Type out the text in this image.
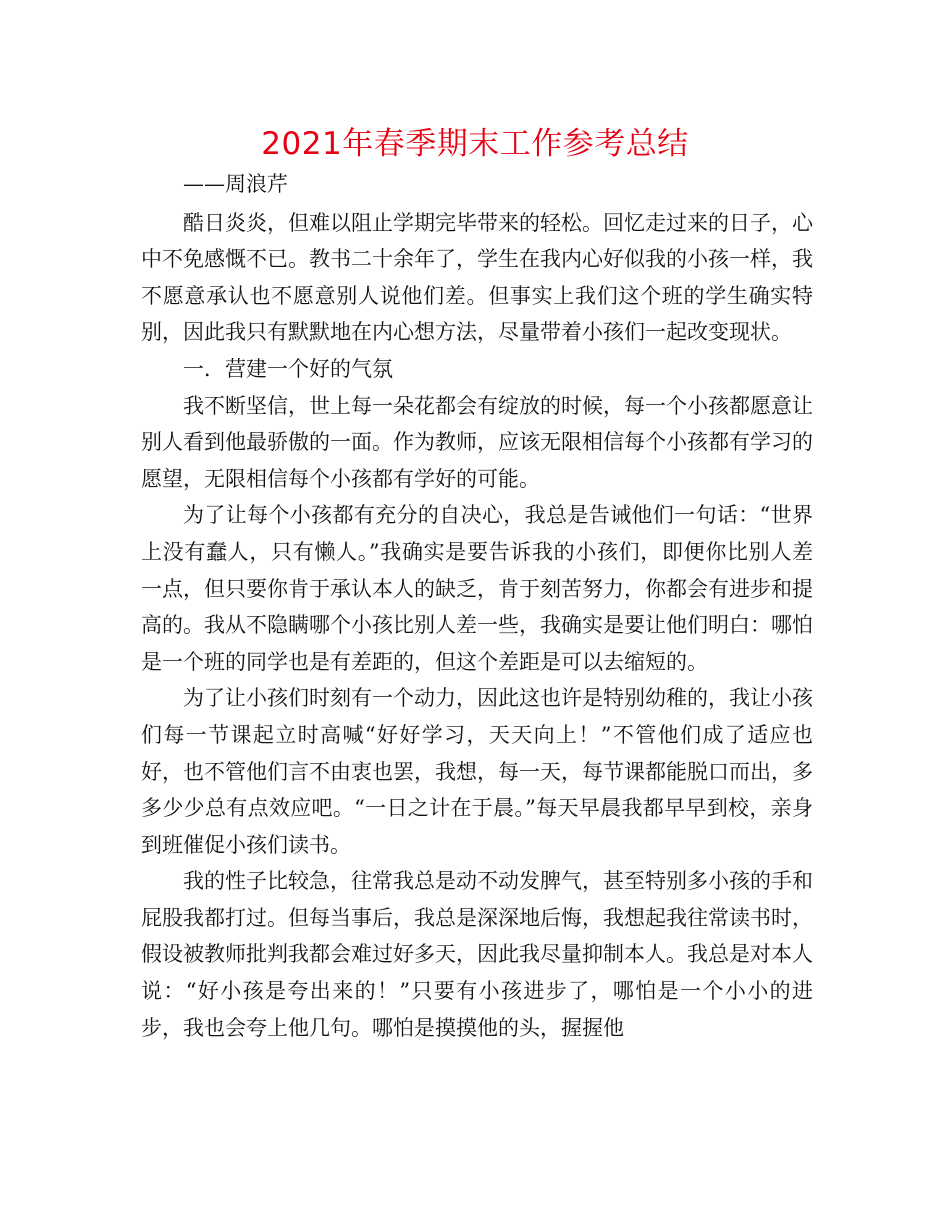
2021年春季期末工作参考总结

——周浪芹

酷日炎炎，但难以阻止学期完毕带来的轻松。回忆走过来的日子，心中不免感慨不已。教书二十余年了，学生在我内心好似我的小孩一样，我不愿意承认也不愿意别人说他们差。但事实上我们这个班的学生确实特别，因此我只有默默地在内心想方法，尽量带着小孩们一起改变现状。

一．营建一个好的气氛

我不断坚信，世上每一朵花都会有绽放的时候，每一个小孩都愿意让别人看到他最骄傲的一面。作为教师，应该无限相信每个小孩都有学习的愿望，无限相信每个小孩都有学好的可能。

为了让每个小孩都有充分的自决心，我总是告诫他们一句话：“世界上没有蠢人，只有懒人。”我确实是要告诉我的小孩们，即便你比别人差一点，但只要你肯于承认本人的缺乏，肯于刻苦努力，你都会有进步和提高的。我从不隐瞒哪个小孩比别人差一些，我确实是要让他们明白：哪怕是一个班的同学也是有差距的，但这个差距是可以去缩短的。

为了让小孩们时刻有一个动力，因此这也许是特别幼稚的，我让小孩们每一节课起立时高喊“好好学习，天天向上！”不管他们成了适应也好，也不管他们言不由衷也罢，我想，每一天，每节课都能脱口而出，多多少少总有点效应吧。“一日之计在于晨。”每天早晨我都早早到校，亲身到班催促小孩们读书。

我的性子比较急，往常我总是动不动发脾气，甚至特别多小孩的手和屁股我都打过。但每当事后，我总是深深地后悔，我想起我往常读书时，假设被教师批判我都会难过好多天，因此我尽量抑制本人。我总是对本人说：“好小孩是夸出来的！”只要有小孩进步了，哪怕是一个小小的进步，我也会夸上他几句。哪怕是摸摸他的头，握握他
